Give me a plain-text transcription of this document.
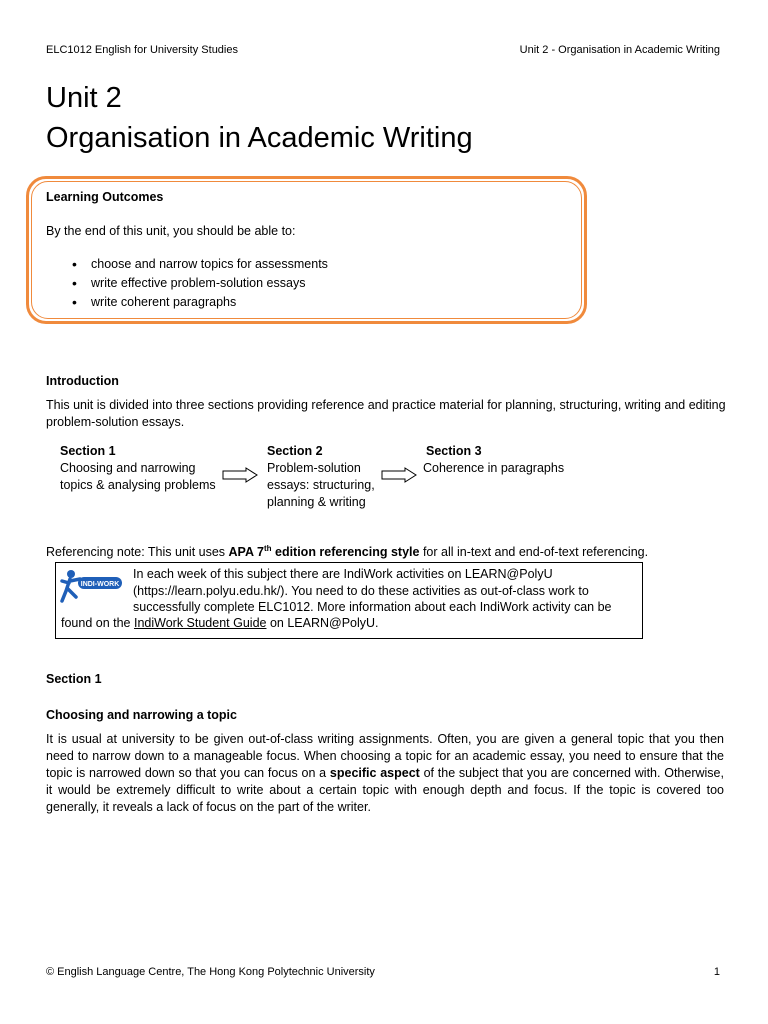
ELC1012 English for University Studies	Unit 2 - Organisation in Academic Writing
Unit 2
Organisation in Academic Writing
Learning Outcomes
By the end of this unit, you should be able to:
• choose and narrow topics for assessments
• write effective problem-solution essays
• write coherent paragraphs
Introduction
This unit is divided into three sections providing reference and practice material for planning, structuring, writing and editing problem-solution essays.
Section 1
Choosing and narrowing
topics & analysing problems
Section 2
Problem-solution
essays: structuring,
planning & writing
Section 3
Coherence in paragraphs
Referencing note: This unit uses APA 7th edition referencing style for all in-text and end-of-text referencing.
INDI-WORK
In each week of this subject there are IndiWork activities on LEARN@PolyU
(https://learn.polyu.edu.hk/). You need to do these activities as out-of-class work to
successfully complete ELC1012. More information about each IndiWork activity can be
found on the IndiWork Student Guide on LEARN@PolyU.
Section 1
Choosing and narrowing a topic
It is usual at university to be given out-of-class writing assignments. Often, you are given a general topic that you then need to narrow down to a manageable focus. When choosing a topic for an academic essay, you need to ensure that the topic is narrowed down so that you can focus on a specific aspect of the subject that you are concerned with. Otherwise, it would be extremely difficult to write about a certain topic with enough depth and focus. If the topic is covered too generally, it reveals a lack of focus on the part of the writer.
© English Language Centre, The Hong Kong Polytechnic University	1
